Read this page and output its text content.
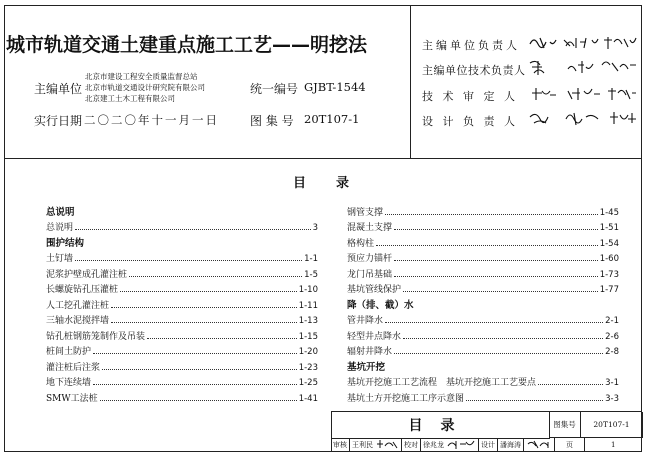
城市轨道交通土建重点施工工艺——明挖法
主编单位
北京市建设工程安全质量监督总站
北京市轨道交通设计研究院有限公司
北京建工土木工程有限公司
统一编号 GJBT-1544
实行日期 二〇二〇年十一月一日	图 集 号 20T107-1
主编单位负责人
主编单位技术负责人
技 术 审 定 人
设 计 负 责 人
目录
总说明
总说明	3
围护结构
土钉墙	1-1
泥浆护壁成孔灌注桩	1-5
长螺旋钻孔压灌桩	1-10
人工挖孔灌注桩	1-11
三轴水泥搅拌墙	1-13
钻孔桩钢筋笼制作及吊装	1-15
桩间土防护	1-20
灌注桩后注浆	1-23
地下连续墙	1-25
SMW工法桩	1-41
钢管支撑	1-45
混凝土支撑	1-51
格构柱	1-54
预应力锚杆	1-60
龙门吊基础	1-73
基坑管线保护	1-77
降（排、截）水
管井降水	2-1
轻型井点降水	2-6
辐射井降水	2-8
基坑开挖
基坑开挖施工工艺流程　基坑开挖施工工艺要点	3-1
基坑土方开挖施工工序示意图	3-3
目录	图集号	20T107-1
审核 王利民	校对 徐兆龙	设计 潘海涛	页	1
